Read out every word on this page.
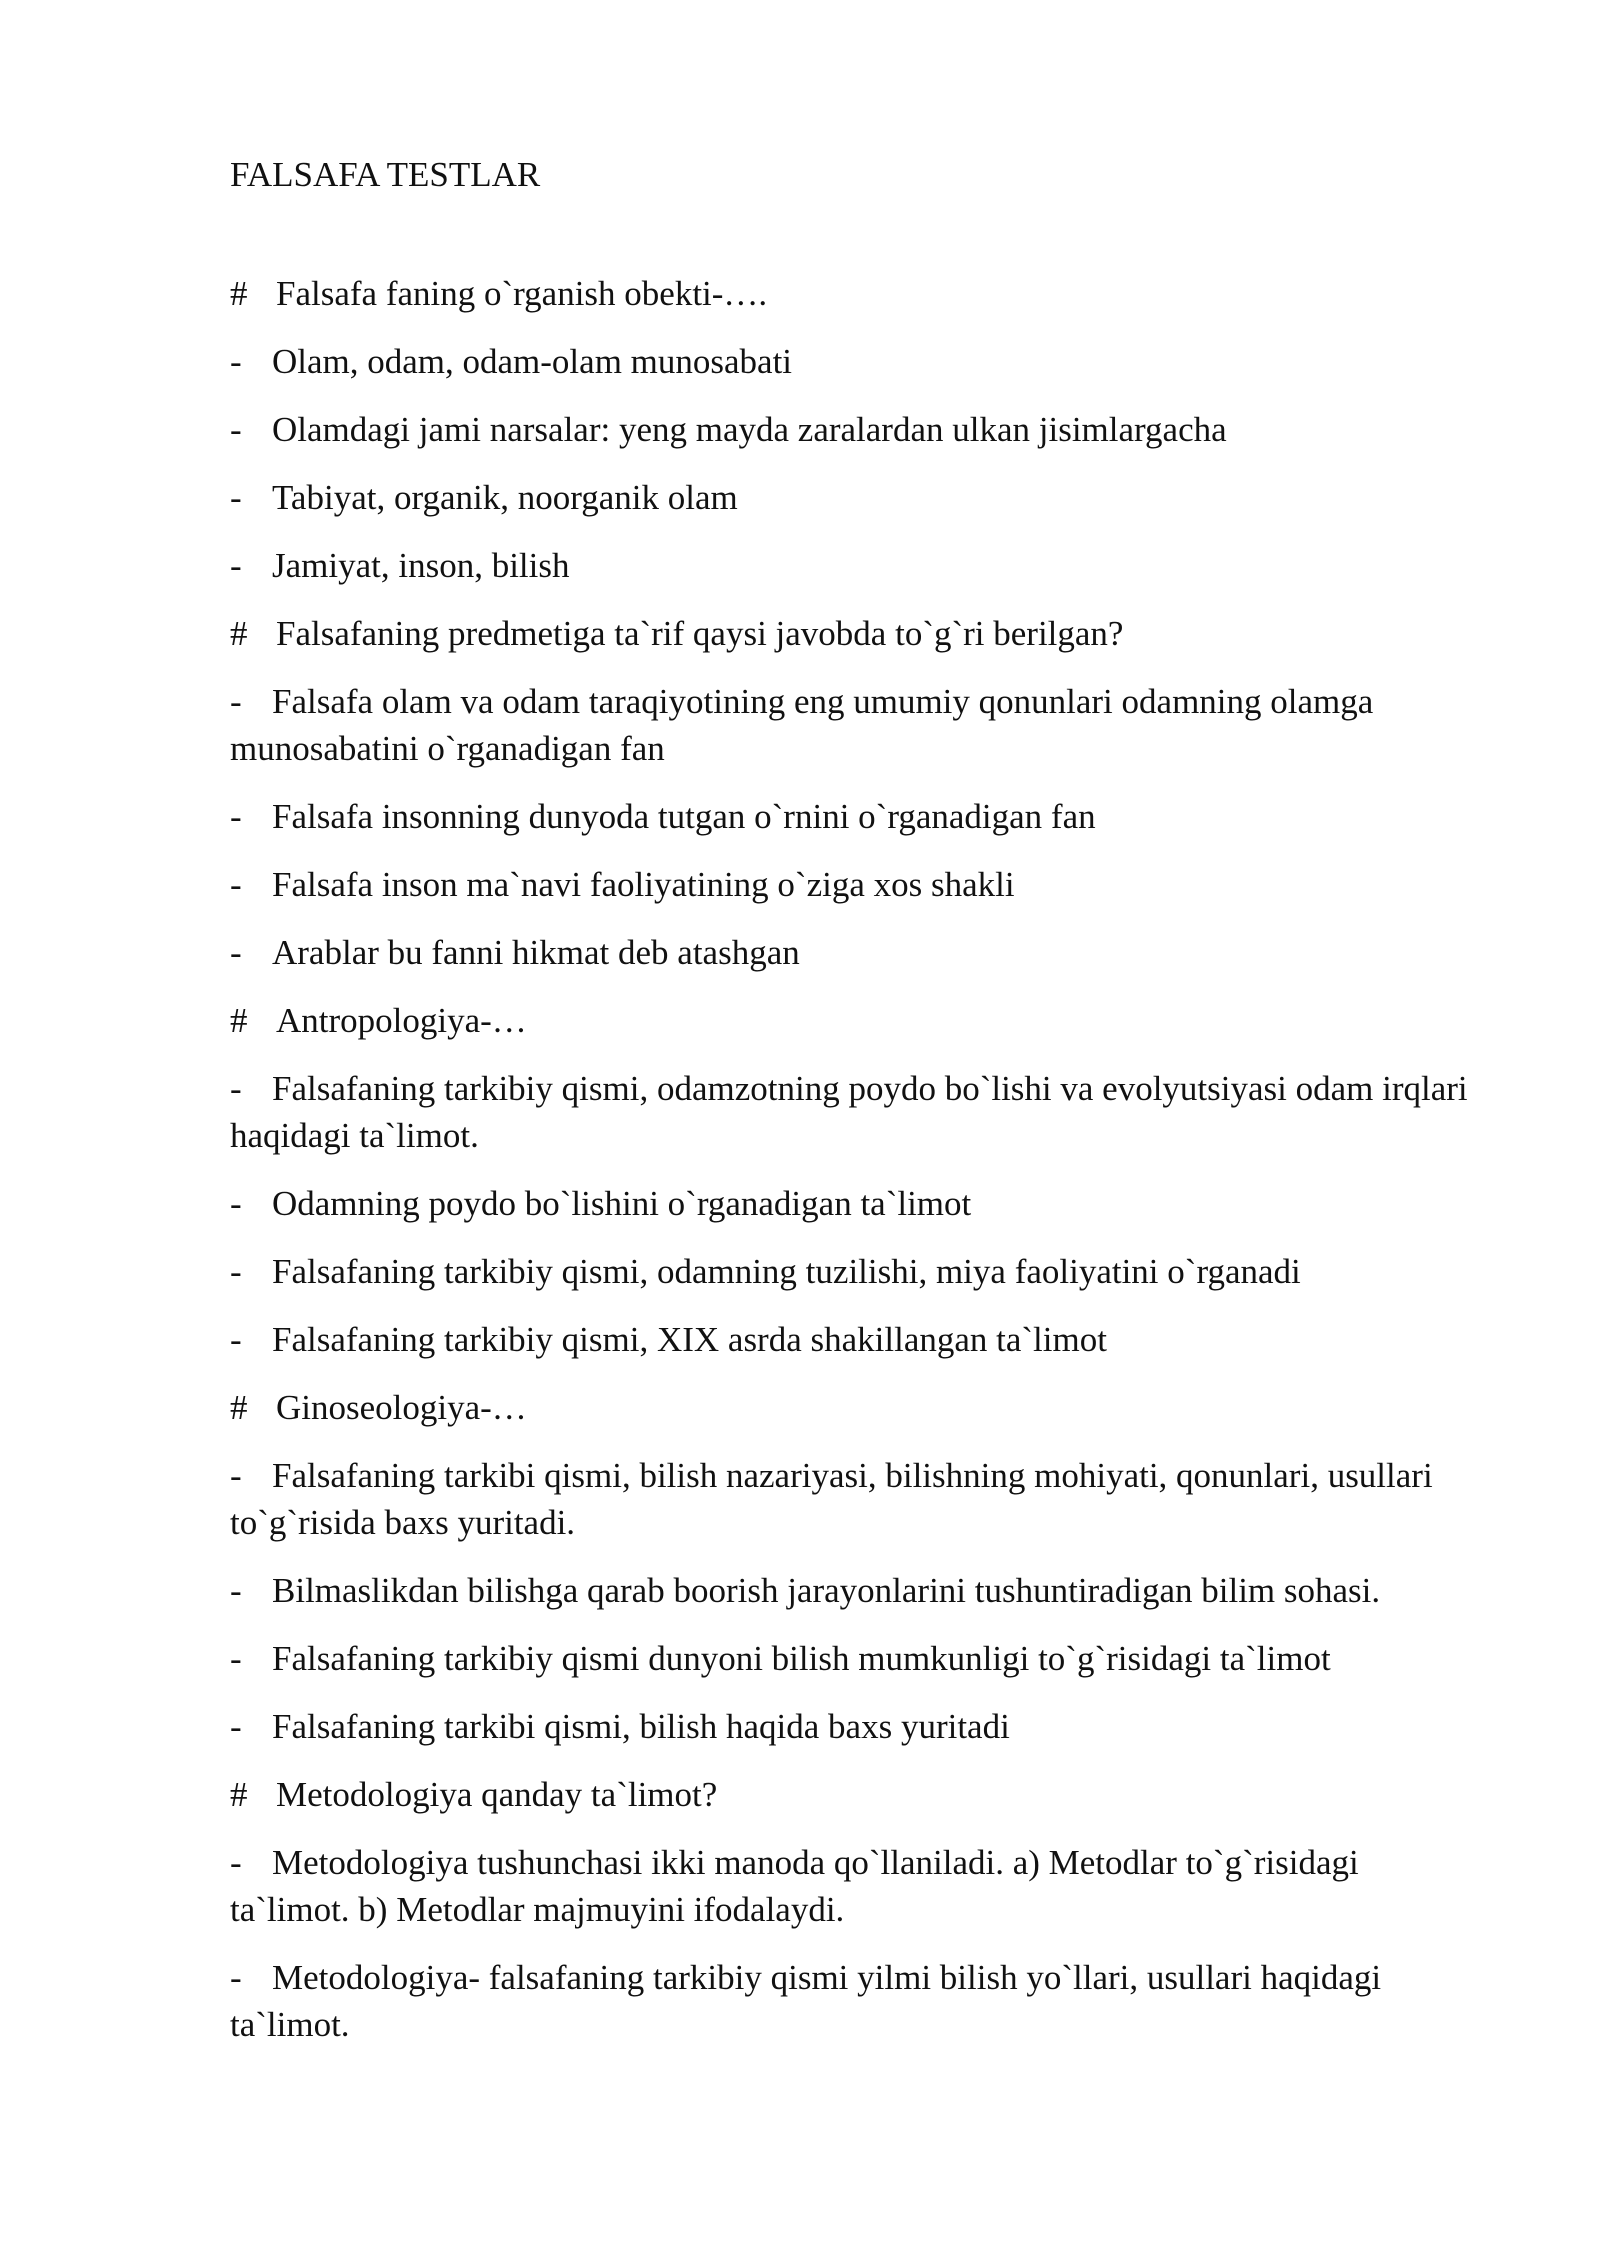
FALSAFA TESTLAR
# Falsafa faning o`rganish obekti-….
- Olam, odam, odam-olam munosabati
- Olamdagi jami narsalar: yeng mayda zaralardan ulkan jisimlargacha
- Tabiyat, organik, noorganik olam
- Jamiyat, inson, bilish
# Falsafaning predmetiga ta`rif qaysi javobda to`g`ri berilgan?
- Falsafa olam va odam taraqiyotining eng umumiy qonunlari odamning olamga munosabatini o`rganadigan fan
- Falsafa insonning dunyoda tutgan o`rnini o`rganadigan fan
- Falsafa inson ma`navi faoliyatining o`ziga xos shakli
- Arablar bu fanni hikmat deb atashgan
# Antropologiya-…
- Falsafaning tarkibiy qismi, odamzotning poydo bo`lishi va evolyutsiyasi odam irqlari haqidagi ta`limot.
- Odamning poydo bo`lishini o`rganadigan ta`limot
- Falsafaning tarkibiy qismi, odamning tuzilishi, miya faoliyatini o`rganadi
- Falsafaning tarkibiy qismi, XIX asrda shakillangan ta`limot
# Ginoseologiya-…
- Falsafaning tarkibi qismi, bilish nazariyasi, bilishning mohiyati, qonunlari, usullari to`g`risida baxs yuritadi.
- Bilmaslikdan bilishga qarab boorish jarayonlarini tushuntiradigan bilim sohasi.
- Falsafaning tarkibiy qismi dunyoni bilish mumkunligi to`g`risidagi ta`limot
- Falsafaning tarkibi qismi, bilish haqida baxs yuritadi
# Metodologiya qanday ta`limot?
- Metodologiya tushunchasi ikki manoda qo`llaniladi. a) Metodlar to`g`risidagi ta`limot. b) Metodlar majmuyini ifodalaydi.
- Metodologiya- falsafaning tarkibiy qismi yilmi bilish yo`llari, usullari haqidagi ta`limot.
